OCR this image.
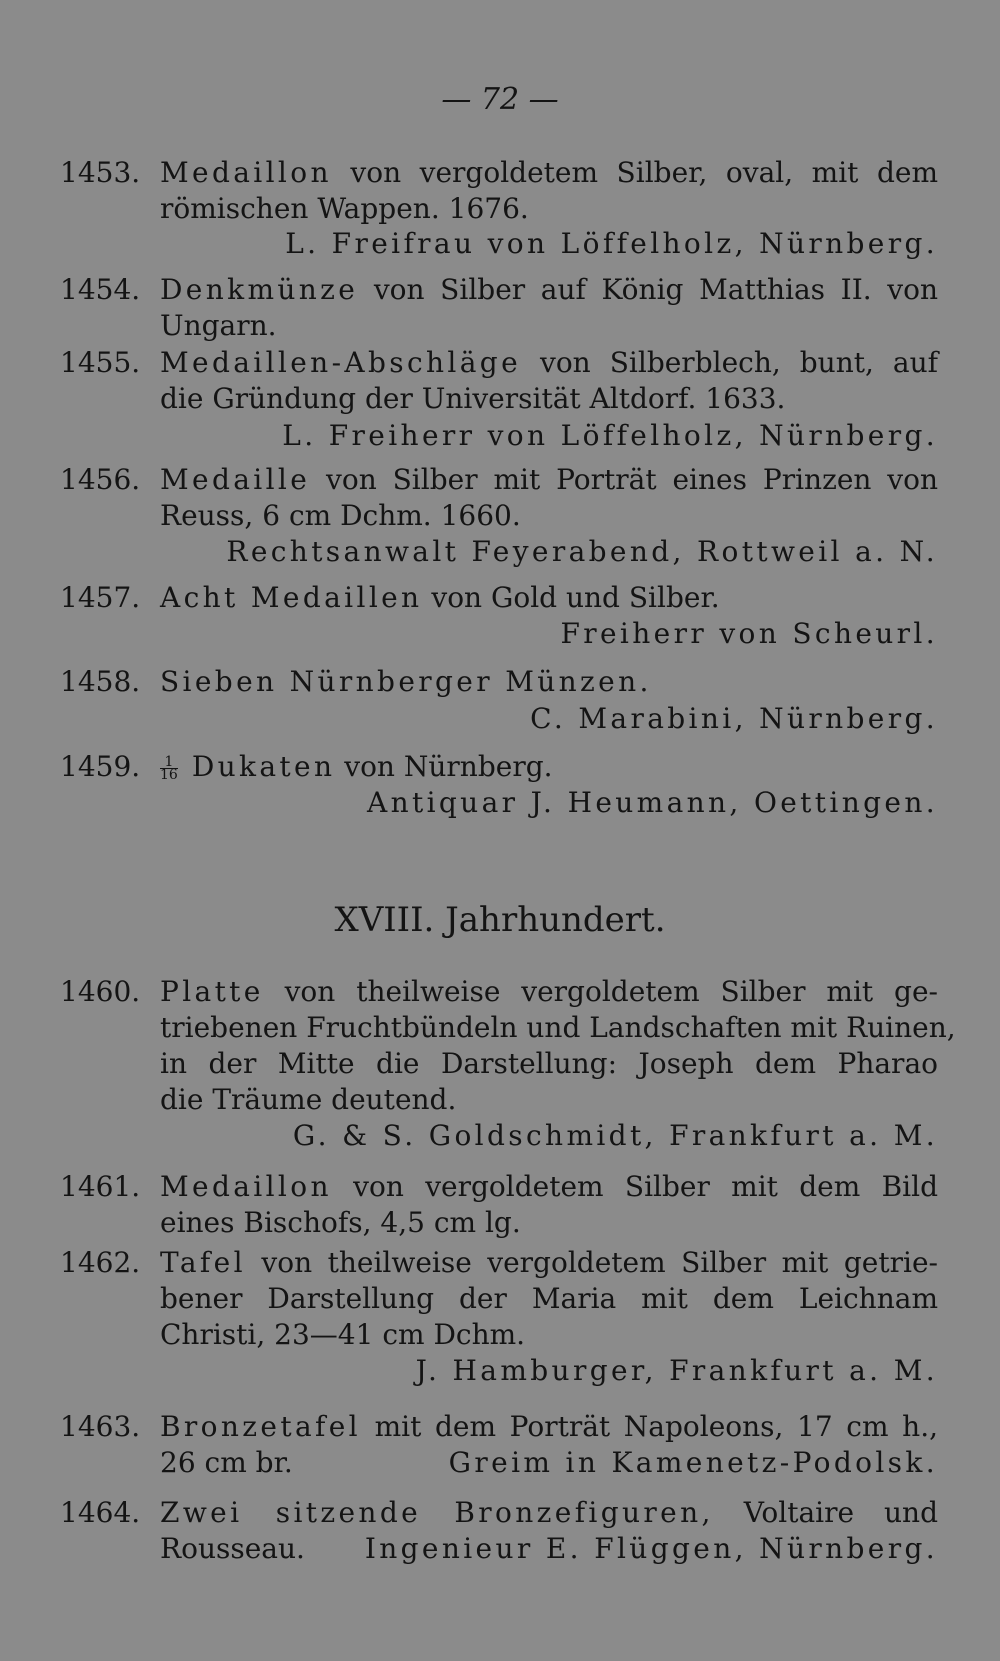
— 72 —
1453. Medaillon von vergoldetem Silber, oval, mit dem
römischen Wappen. 1676.
L. Freifrau von Löffelholz, Nürnberg.
1454. Denkmünze von Silber auf König Matthias II. von
Ungarn.
1455. Medaillen-Abschläge von Silberblech, bunt, auf
die Gründung der Universität Altdorf. 1633.
L. Freiherr von Löffelholz, Nürnberg.
1456. Medaille von Silber mit Porträt eines Prinzen von
Reuss, 6 cm Dchm. 1660.
Rechtsanwalt Feyerabend, Rottweil a. N.
1457. Acht Medaillen von Gold und Silber.
Freiherr von Scheurl.
1458. Sieben Nürnberger Münzen.
C. Marabini, Nürnberg.
1459.	$\frac{1}{16}$ Dukaten von Nürnberg.
Antiquar J. Heumann, Oettingen.
XVIII. Jahrhundert.
1460. Platte von theilweise vergoldetem Silber mit ge-
triebenen Fruchtbündeln und Landschaften mit Ruinen,
in der Mitte die Darstellung: Joseph dem Pharao
die Träume deutend.
G. & S. Goldschmidt, Frankfurt a. M.
1461. Medaillon von vergoldetem Silber mit dem Bild
eines Bischofs, 4,5 cm lg.
1462. Tafel von theilweise vergoldetem Silber mit getrie-
bener Darstellung der Maria mit dem Leichnam
Christi, 23—41 cm Dchm.
J. Hamburger, Frankfurt a. M.
1463. Bronzetafel mit dem Porträt Napoleons, 17 cm h.,
26 cm br.	Greim in Kamenetz-Podolsk.
1464. Zwei sitzende Bronzefiguren, Voltaire und
Rousseau.	Ingenieur E. Flüggen, Nürnberg.
